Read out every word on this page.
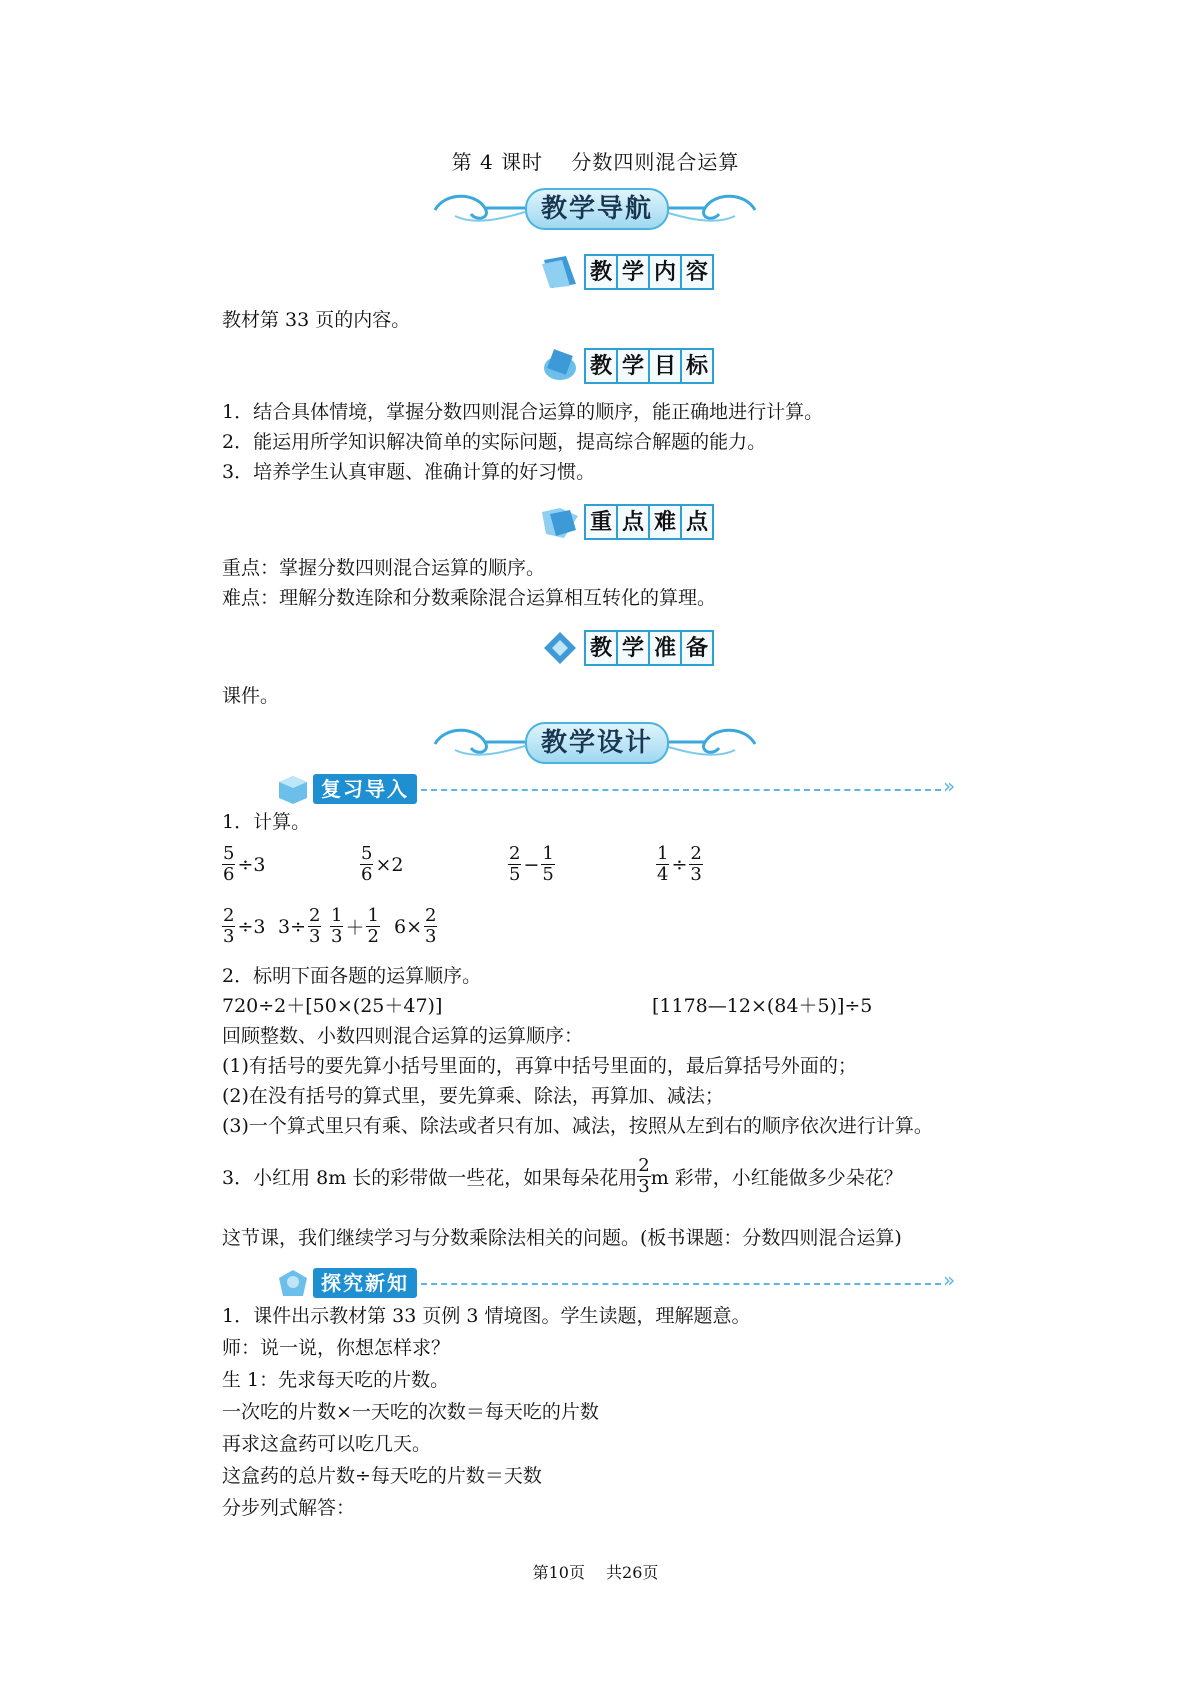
第 4 课时　 分数四则混合运算
教学导航
教 学 内 容
教材第 33 页的内容。
教 学 目 标
1．结合具体情境，掌握分数四则混合运算的顺序，能正确地进行计算。
2．能运用所学知识解决简单的实际问题，提高综合解题的能力。
3．培养学生认真审题、准确计算的好习惯。
重 点 难 点
重点：掌握分数四则混合运算的顺序。
难点：理解分数连除和分数乘除混合运算相互转化的算理。
教 学 准 备
课件。
教学设计
复习导入	»
1．计算。
$\frac{5}{6} \div 3$	$\frac{5}{6} \times 2$	$\frac{2}{5} - \frac{1}{5}$	$\frac{1}{4} \div \frac{2}{3}$
$\frac{2}{3} \div 3$ $3\div \frac{2}{3} \frac{1}{3} + \frac{1}{2} 6\times \frac{2}{3}$
2．标明下面各题的运算顺序。
720÷2＋[50×(25＋47)]	[1178—12×(84＋5)]÷5
回顾整数、小数四则混合运算的运算顺序：
(1)有括号的要先算小括号里面的，再算中括号里面的，最后算括号外面的；
(2)在没有括号的算式里，要先算乘、除法，再算加、减法；
(3)一个算式里只有乘、除法或者只有加、减法，按照从左到右的顺序依次进行计算。
3．小红用 8m 长的彩带做一些花，如果每朵花用 $\frac{2}{3}$ m 彩带，小红能做多少朵花？
这节课，我们继续学习与分数乘除法相关的问题。(板书课题：分数四则混合运算)
探究新知	»
1．课件出示教材第 33 页例 3 情境图。学生读题，理解题意。
师：说一说，你想怎样求？
生 1：先求每天吃的片数。
一次吃的片数×一天吃的次数＝每天吃的片数
再求这盒药可以吃几天。
这盒药的总片数÷每天吃的片数＝天数
分步列式解答：
第10页　 共26页
